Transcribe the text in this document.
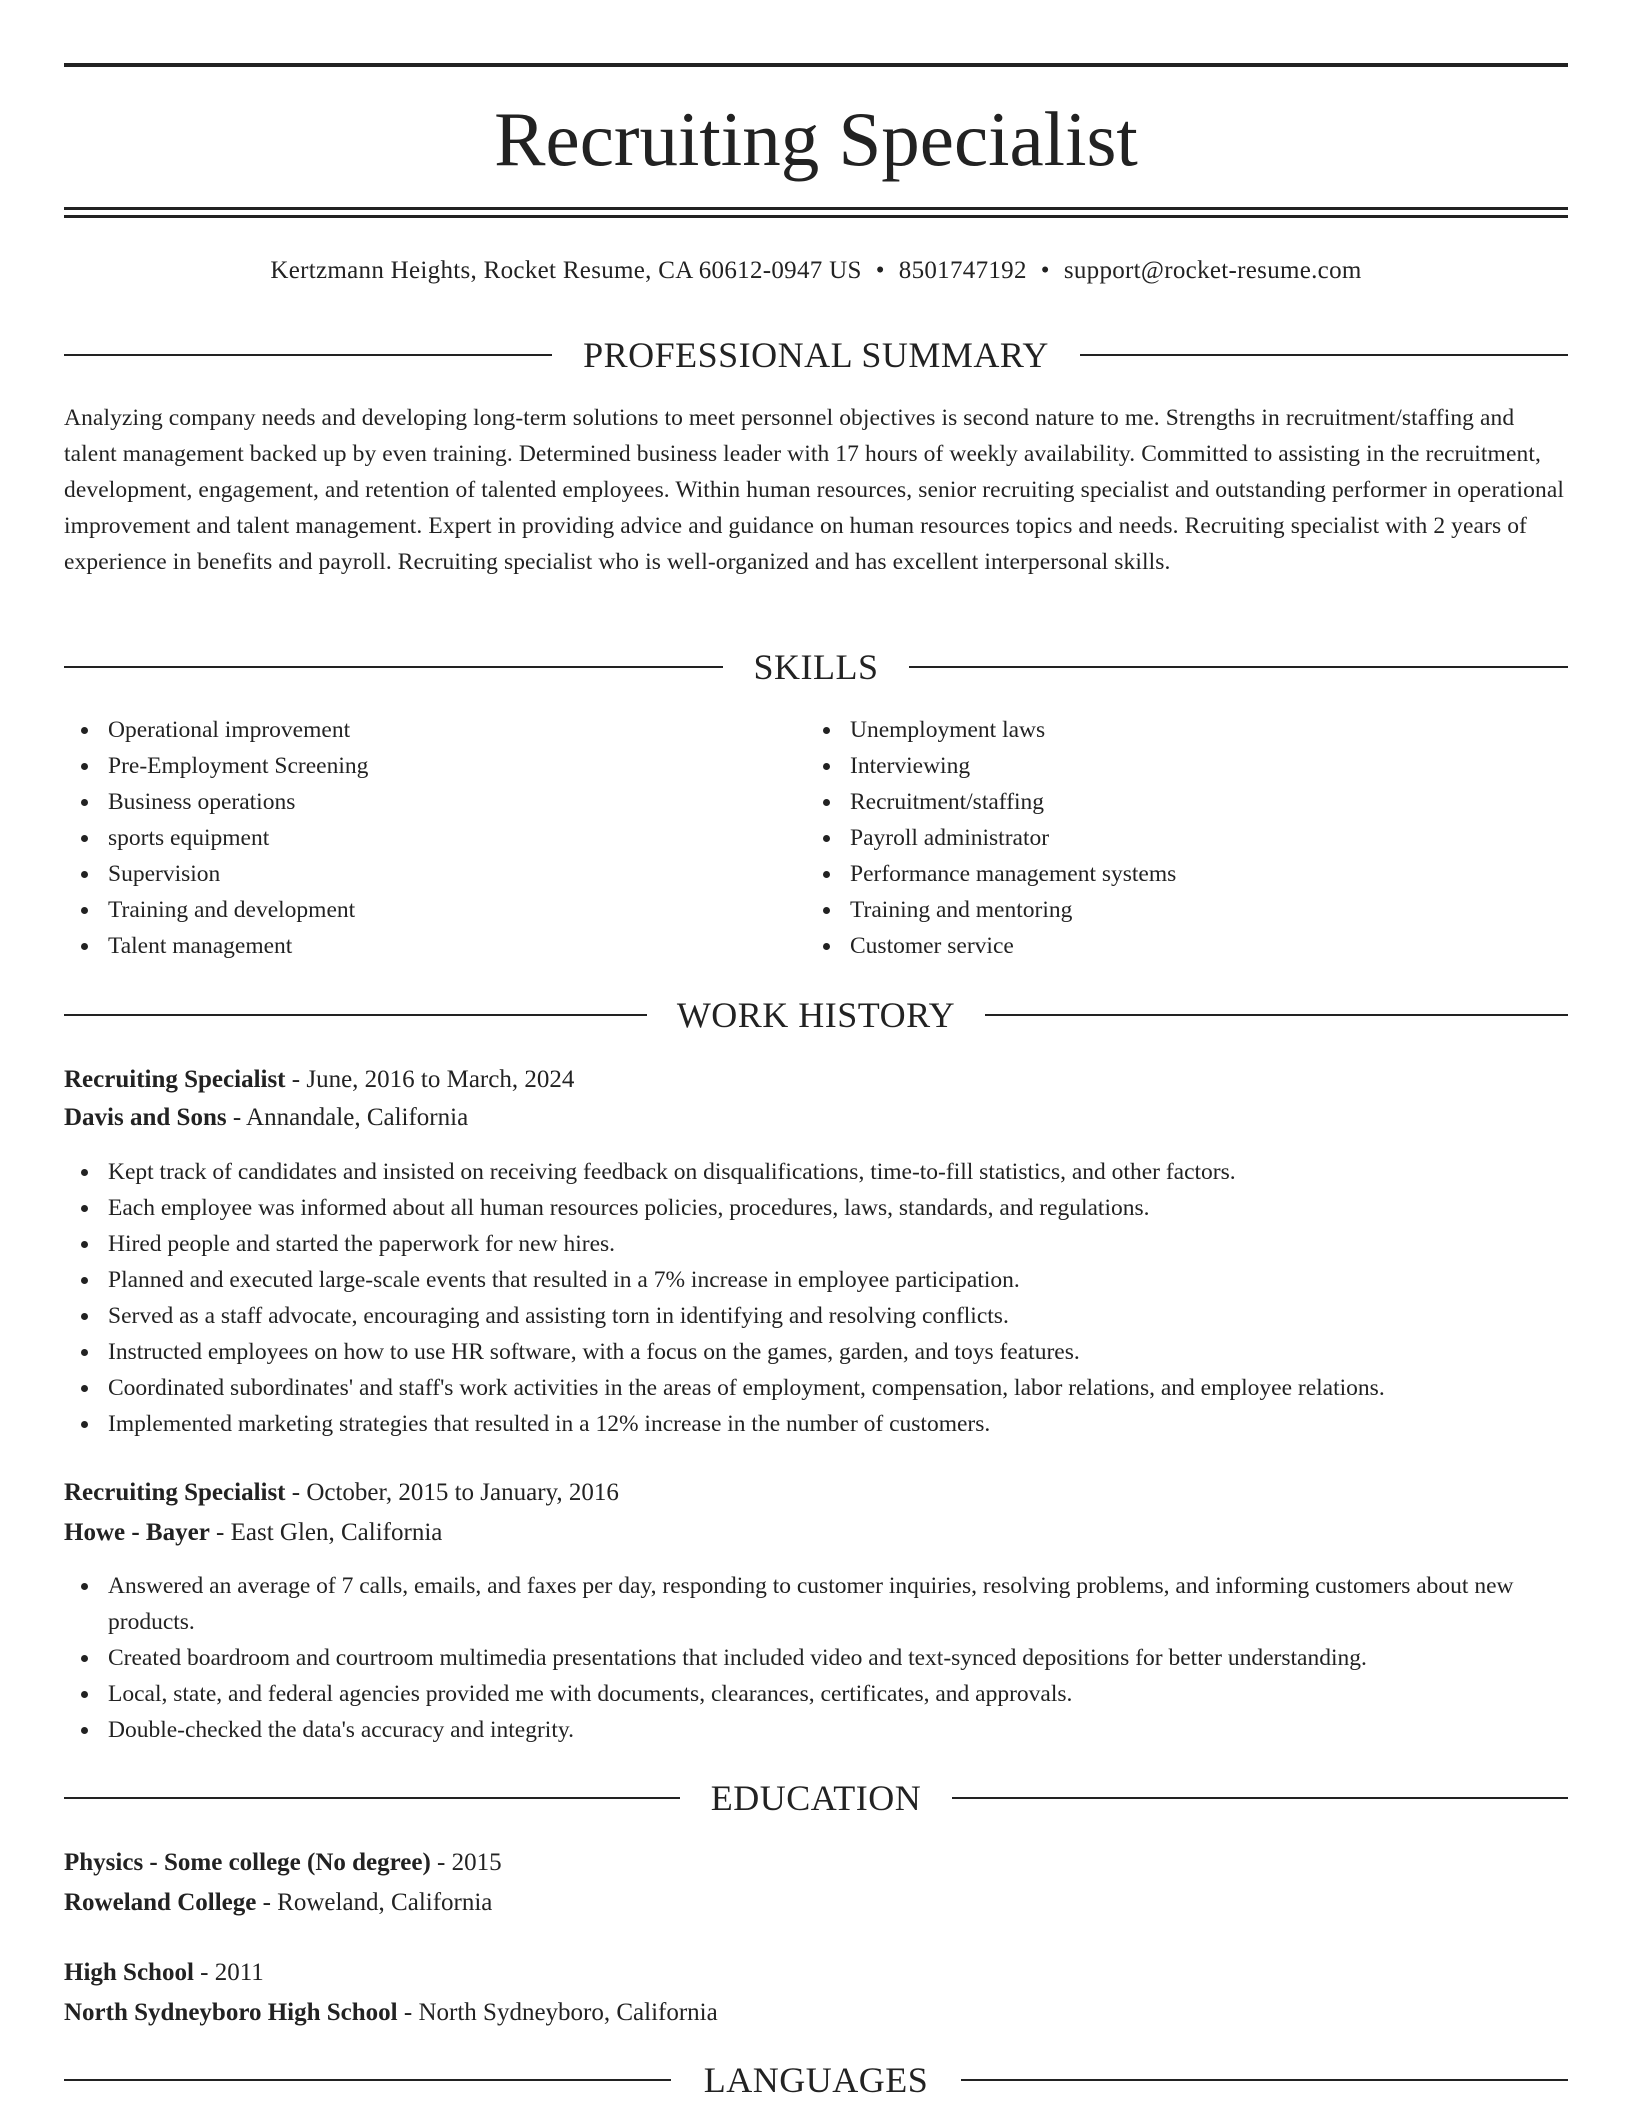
Recruiting Specialist
Kertzmann Heights, Rocket Resume, CA 60612-0947 US • 8501747192 • support@rocket-resume.com
PROFESSIONAL SUMMARY
Analyzing company needs and developing long-term solutions to meet personnel objectives is second nature to me. Strengths in recruitment/staffing and talent management backed up by even training. Determined business leader with 17 hours of weekly availability. Committed to assisting in the recruitment, development, engagement, and retention of talented employees. Within human resources, senior recruiting specialist and outstanding performer in operational improvement and talent management. Expert in providing advice and guidance on human resources topics and needs. Recruiting specialist with 2 years of experience in benefits and payroll. Recruiting specialist who is well-organized and has excellent interpersonal skills.
SKILLS
Operational improvement
Pre-Employment Screening
Business operations
sports equipment
Supervision
Training and development
Talent management
Unemployment laws
Interviewing
Recruitment/staffing
Payroll administrator
Performance management systems
Training and mentoring
Customer service
WORK HISTORY
Recruiting Specialist - June, 2016 to March, 2024
Davis and Sons - Annandale, California
Kept track of candidates and insisted on receiving feedback on disqualifications, time-to-fill statistics, and other factors.
Each employee was informed about all human resources policies, procedures, laws, standards, and regulations.
Hired people and started the paperwork for new hires.
Planned and executed large-scale events that resulted in a 7% increase in employee participation.
Served as a staff advocate, encouraging and assisting torn in identifying and resolving conflicts.
Instructed employees on how to use HR software, with a focus on the games, garden, and toys features.
Coordinated subordinates' and staff's work activities in the areas of employment, compensation, labor relations, and employee relations.
Implemented marketing strategies that resulted in a 12% increase in the number of customers.
Recruiting Specialist - October, 2015 to January, 2016
Howe - Bayer - East Glen, California
Answered an average of 7 calls, emails, and faxes per day, responding to customer inquiries, resolving problems, and informing customers about new products.
Created boardroom and courtroom multimedia presentations that included video and text-synced depositions for better understanding.
Local, state, and federal agencies provided me with documents, clearances, certificates, and approvals.
Double-checked the data's accuracy and integrity.
EDUCATION
Physics - Some college (No degree) - 2015
Roweland College - Roweland, California
High School - 2011
North Sydneyboro High School - North Sydneyboro, California
LANGUAGES
